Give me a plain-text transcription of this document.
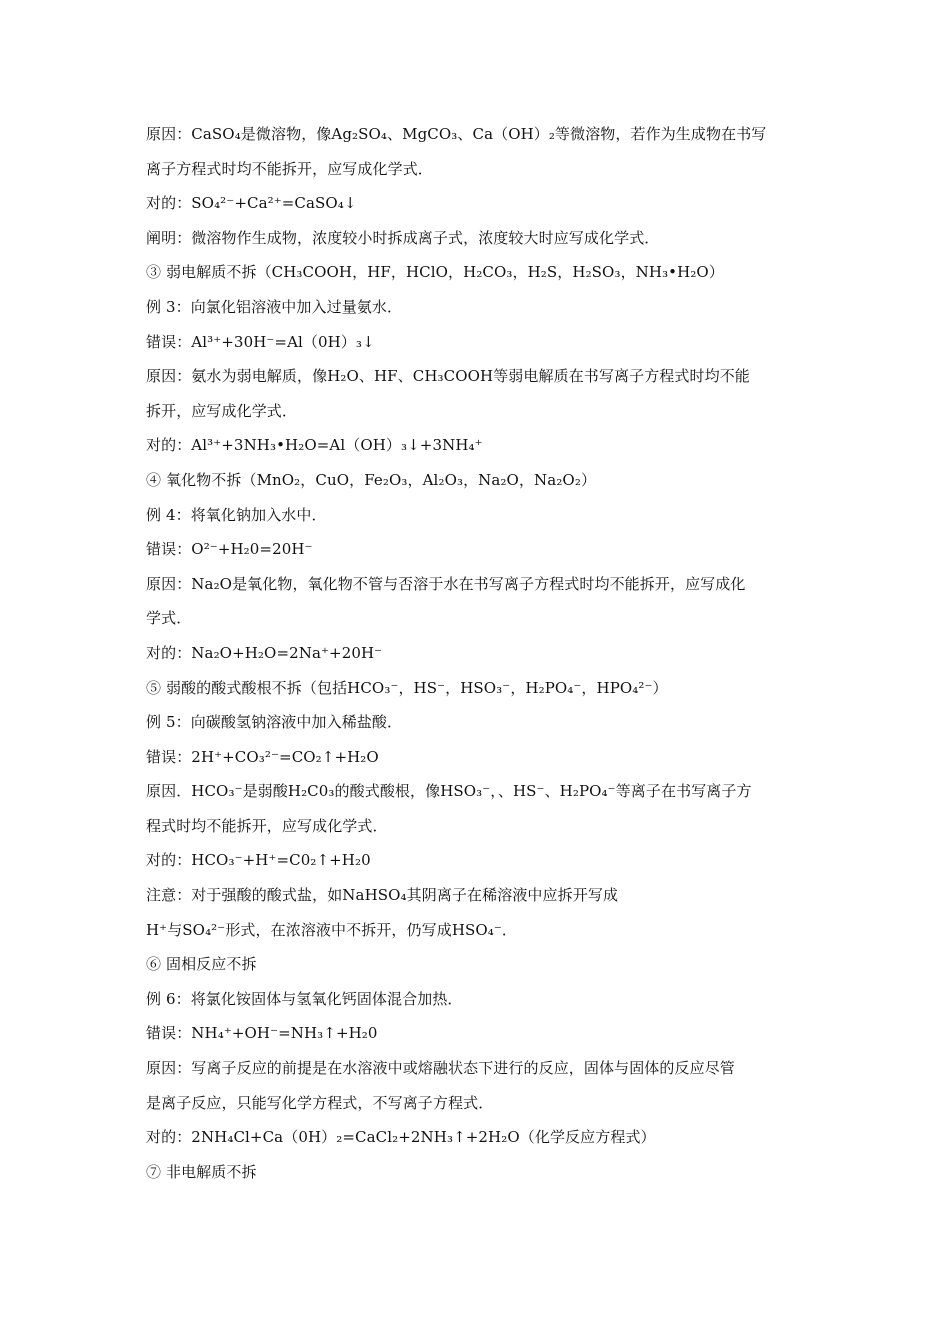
原因：CaSO₄是微溶物，像Ag₂SO₄、MgCO₃、Ca（OH）₂等微溶物，若作为生成物在书写
离子方程式时均不能拆开，应写成化学式．
对的：SO₄²⁻+Ca²⁺=CaSO₄↓
阐明：微溶物作生成物，浓度较小时拆成离子式，浓度较大时应写成化学式．
③ 弱电解质不拆（CH₃COOH，HF，HClO，H₂CO₃，H₂S，H₂SO₃，NH₃•H₂O）
例 3：向氯化铝溶液中加入过量氨水．
错误：Al³⁺+30H⁻=Al（0H）₃↓
原因：氨水为弱电解质，像H₂O、HF、CH₃COOH等弱电解质在书写离子方程式时均不能
拆开，应写成化学式．
对的：Al³⁺+3NH₃•H₂O=Al（OH）₃↓+3NH₄⁺
④ 氧化物不拆（MnO₂，CuO，Fe₂O₃，Al₂O₃，Na₂O，Na₂O₂）
例 4：将氧化钠加入水中．
错误：O²⁻+H₂0=20H⁻
原因：Na₂O是氧化物，氧化物不管与否溶于水在书写离子方程式时均不能拆开，应写成化
学式．
对的：Na₂O+H₂O=2Na⁺+20H⁻
⑤ 弱酸的酸式酸根不拆（包括HCO₃⁻，HS⁻，HSO₃⁻，H₂PO₄⁻，HPO₄²⁻）
例 5：向碳酸氢钠溶液中加入稀盐酸．
错误：2H⁺+CO₃²⁻=CO₂↑+H₂O
原因．HCO₃⁻是弱酸H₂C0₃的酸式酸根，像HSO₃⁻，、HS⁻、H₂PO₄⁻等离子在书写离子方
程式时均不能拆开，应写成化学式．
对的：HCO₃⁻+H⁺=C0₂↑+H₂0
注意：对于强酸的酸式盐，如NaHSO₄其阴离子在稀溶液中应拆开写成
H⁺与SO₄²⁻形式，在浓溶液中不拆开，仍写成HSO₄⁻．
⑥ 固相反应不拆
例 6：将氯化铵固体与氢氧化钙固体混合加热．
错误：NH₄⁺+OH⁻=NH₃↑+H₂0
原因：写离子反应的前提是在水溶液中或熔融状态下进行的反应，固体与固体的反应尽管
是离子反应，只能写化学方程式，不写离子方程式．
对的：2NH₄Cl+Ca（0H）₂=CaCl₂+2NH₃↑+2H₂O（化学反应方程式）
⑦ 非电解质不拆
